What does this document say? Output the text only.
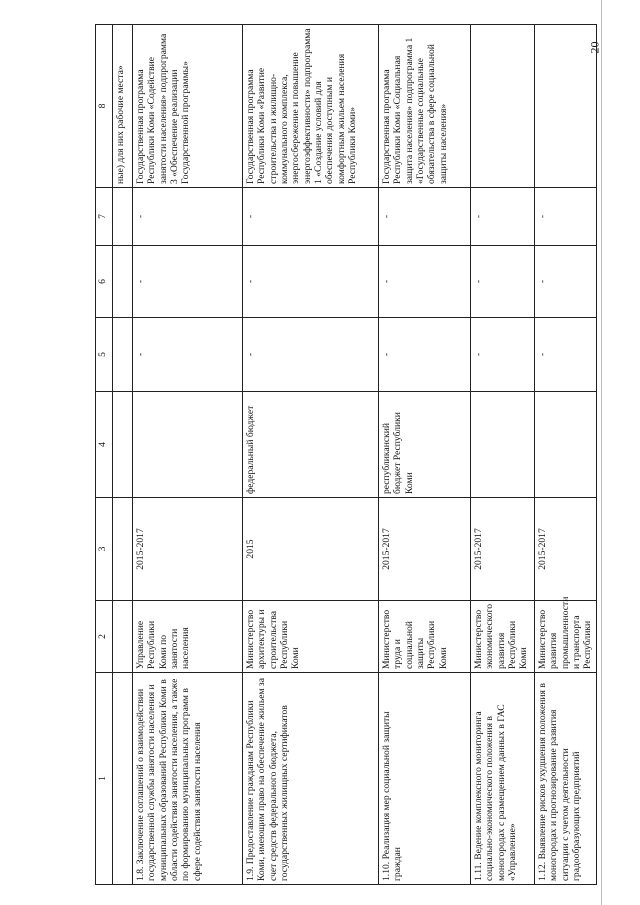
20
1	2	3	4	5	6	7	8
							ные) для них рабочие места»
1.8. Заключение соглашений о взаимодействии государственной службы занятости населения и муниципальных образований Республики Коми в области содействия занятости населения, а также по формированию муниципальных программ в сфере содействия занятости населения	Управление Республики Коми по занятости населения	2015-2017		-	-	-	Государственная программа Республики Коми «Содействие занятости населения» подпрограмма 3 «Обеспечение реализации Государственной программы»
1.9. Предоставление гражданам Республики Коми, имеющим право на обеспечение жильем за счет средств федерального бюджета, государственных жилищных сертификатов	Министерство архитектуры и строительства Республики Коми	2015	федеральный бюджет	-	-	-	Государственная программа Республики Коми «Развитие строительства и жилищно-коммунального комплекса, энергосбережение и повышение энергоэффективности» подпрограмма 1 «Создание условий для обеспечения доступным и комфортным жильем населения Республики Коми»
1.10. Реализация мер социальной защиты граждан	Министерство труда и социальной защиты Республики Коми	2015-2017	республиканский бюджет Республики Коми	-	-	-	Государственная программа Республики Коми «Социальная защита населения» подпрограмма 1 «Государственные социальные обязательства в сфере социальной защиты населения»
1.11. Ведение комплексного мониторинга социально-экономического положения в моногородах с размещением данных в ГАС «Управление»	Министерство экономического развития Республики Коми	2015-2017		-	-	-	
1.12. Выявление рисков ухудшения положения в моногородах и прогнозирование развития ситуации с учетом деятельности градообразующих предприятий	Министерство развития промышленности и транспорта Республики	2015-2017		-	-	-	
